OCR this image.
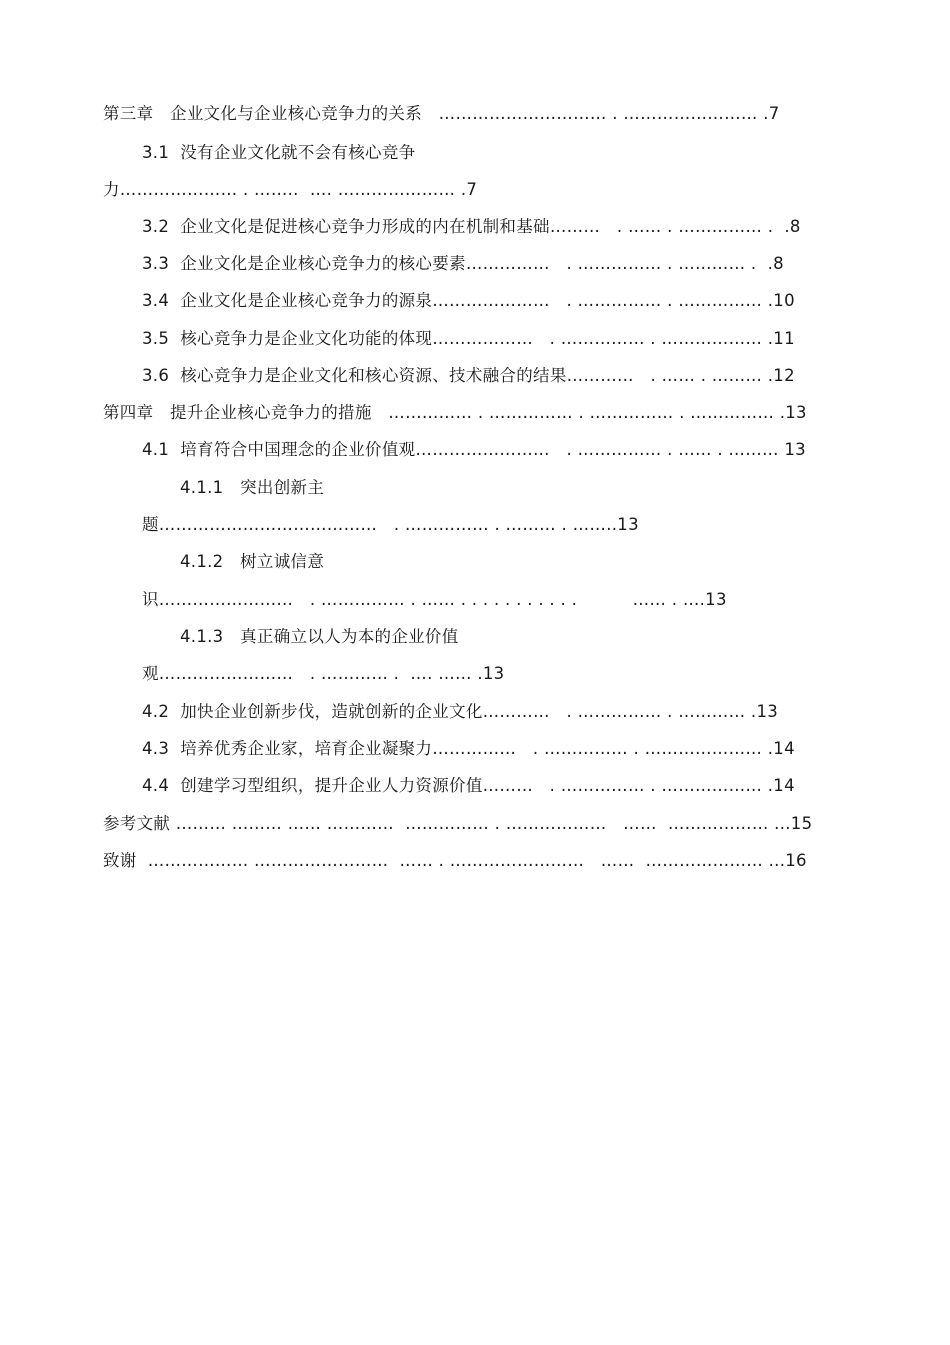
第三章   企业文化与企业核心竞争力的关系   ………………………… . …………………… .7
3.1  没有企业文化就不会有核心竞争
力………………… . ……..  …. ………………… .7
3.2  企业文化是促进核心竞争力形成的内在机制和基础………   . …… . …………… .  .8
3.3  企业文化是企业核心竞争力的核心要素……………   . …………… . ………… .  .8
3.4  企业文化是企业核心竞争力的源泉…………………   . …………… . …………… .10
3.5  核心竞争力是企业文化功能的体现………………   . …………… . ……………… .11
3.6  核心竞争力是企业文化和核心资源、技术融合的结果…………   . …… . ……… .12
第四章   提升企业核心竞争力的措施   …………… . …………… . …………… . …………… .13
4.1  培育符合中国理念的企业价值观……………………   . …………… . …… . ……… 13
4.1.1   突出创新主
题…………………………………   . …………… . ……… . ……..13
4.1.2   树立诚信意
识……………………   . …………… . …… . . . . . . . . . . .          …… . ….13
4.1.3   真正确立以人为本的企业价值
观……………………   . ………… .  …. …… .13
4.2  加快企业创新步伐，造就创新的企业文化…………   . …………… . ………… .13
4.3  培养优秀企业家，培育企业凝聚力……………   . …………… . ………………… .14
4.4  创建学习型组织，提升企业人力资源价值………   . …………… . ……………… .14
参考文献 ……… ……… …… …………  …………… . ………………   ……  ……………… ...15
致谢  ……………… ……………………  …… . ……………………   ……  ………………… ...16
